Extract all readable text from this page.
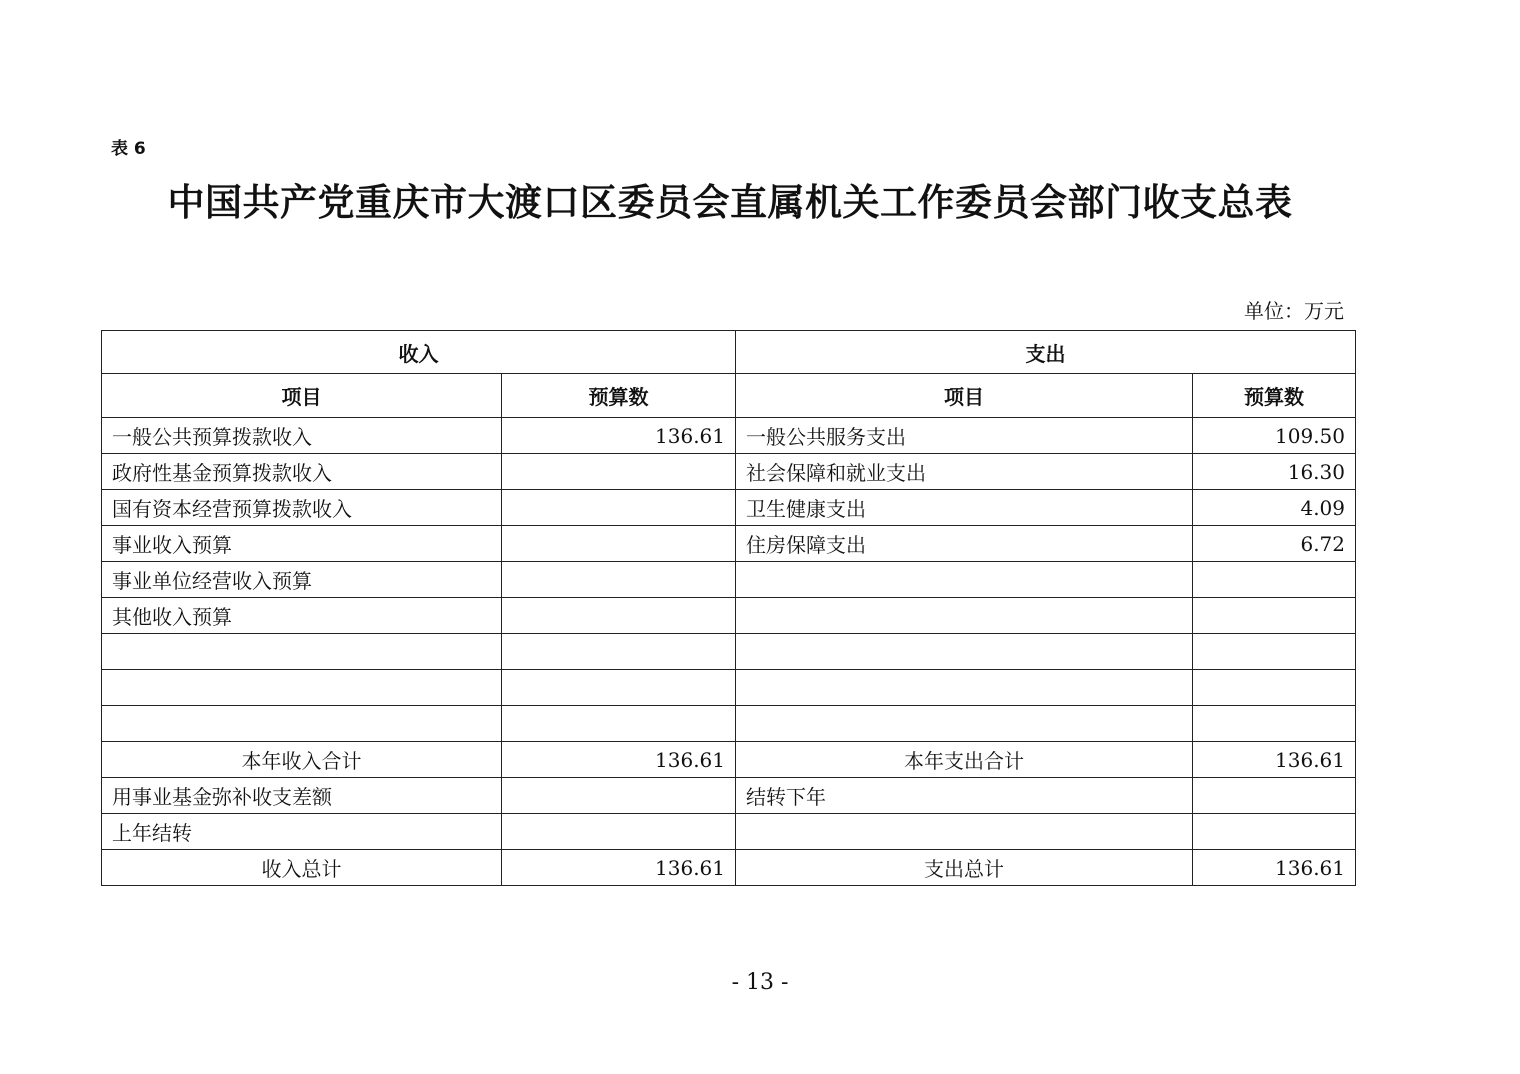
表 6
中国共产党重庆市大渡口区委员会直属机关工作委员会部门收支总表
单位：万元
收入		支出	
项目	预算数	项目	预算数
一般公共预算拨款收入	136.61	一般公共服务支出	109.50
政府性基金预算拨款收入		社会保障和就业支出	16.30
国有资本经营预算拨款收入		卫生健康支出	4.09
事业收入预算		住房保障支出	6.72
事业单位经营收入预算			
其他收入预算			

本年收入合计	136.61	本年支出合计	136.61
用事业基金弥补收支差额		结转下年	
上年结转			
收入总计	136.61	支出总计	136.61
- 13 -
